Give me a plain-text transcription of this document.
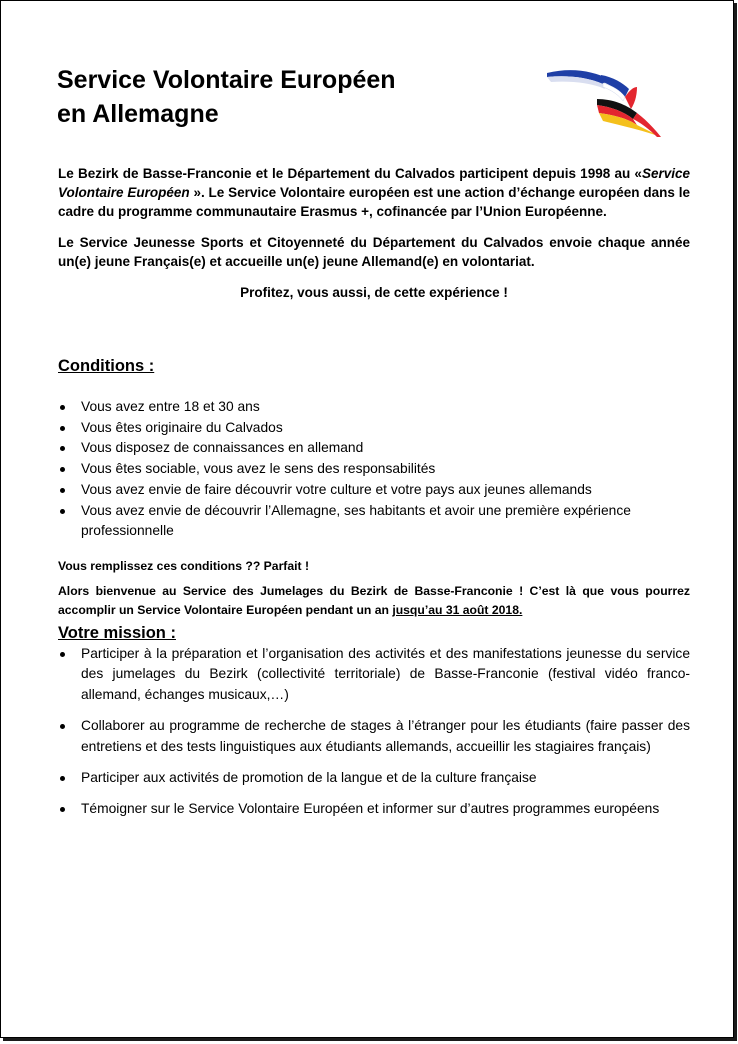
Service Volontaire Européen
en Allemagne

Le Bezirk de Basse-Franconie et le Département du Calvados participent depuis 1998 au «Service Volontaire Européen ». Le Service Volontaire européen est une action d’échange européen dans le cadre du programme communautaire Erasmus +, cofinancée par l’Union Européenne.

Le Service Jeunesse Sports et Citoyenneté du Département du Calvados envoie chaque année un(e) jeune Français(e) et accueille un(e) jeune Allemand(e) en volontariat.

Profitez, vous aussi, de cette expérience !

Conditions :
Vous avez entre 18 et 30 ans
Vous êtes originaire du Calvados
Vous disposez de connaissances en allemand
Vous êtes sociable, vous avez le sens des responsabilités
Vous avez envie de faire découvrir votre culture et votre pays aux jeunes allemands
Vous avez envie de découvrir l’Allemagne, ses habitants et avoir une première expérience professionnelle

Vous remplissez ces conditions ?? Parfait !

Alors bienvenue au Service des Jumelages du Bezirk de Basse-Franconie ! C’est là que vous pourrez accomplir un Service Volontaire Européen pendant un an jusqu’au 31 août 2018.

Votre mission :
Participer à la préparation et l’organisation des activités et des manifestations jeunesse du service des jumelages du Bezirk (collectivité territoriale) de Basse-Franconie (festival vidéo franco-allemand, échanges musicaux,…)
Collaborer au programme de recherche de stages à l’étranger pour les étudiants (faire passer des entretiens et des tests linguistiques aux étudiants allemands, accueillir les stagiaires français)
Participer aux activités de promotion de la langue et de la culture française
Témoigner sur le Service Volontaire Européen et informer sur d’autres programmes européens
